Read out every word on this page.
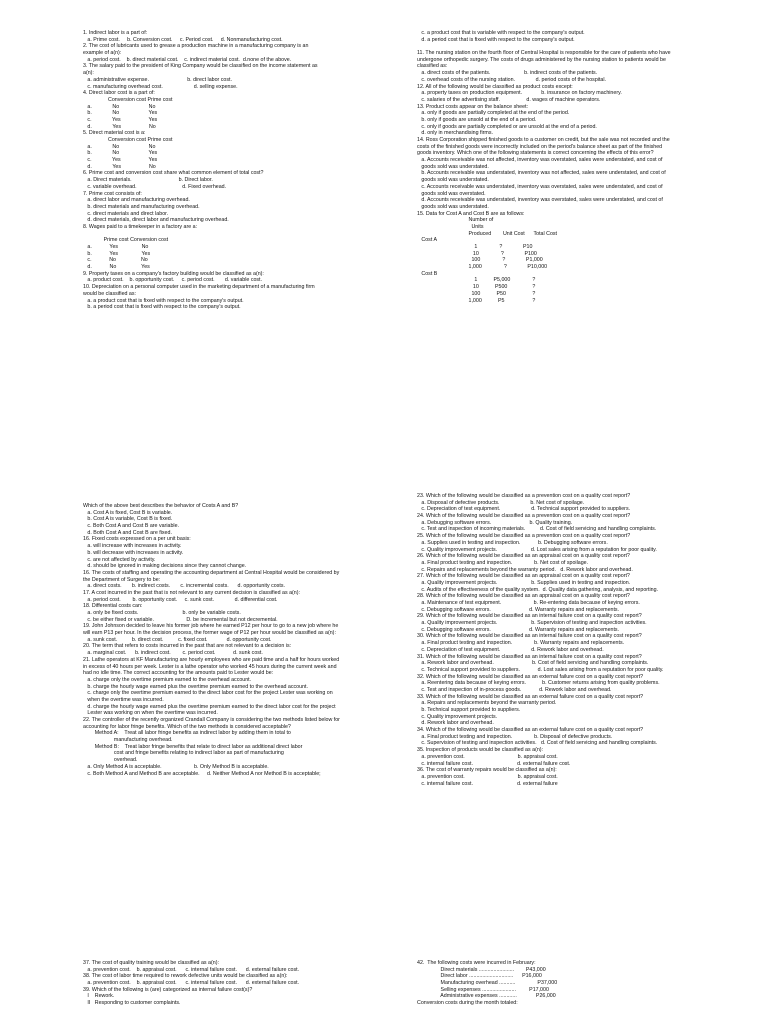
1. Indirect labor is a part of:
a. Prime cost.     b. Conversion cost.     c. Period cost.     d. Nonmanufacturing cost.
2. The cost of lubricants used to grease a production machine in a manufacturing company is an
example of a(n):
a. period cost.    b. direct material cost.    c. indirect material cost.  d.none of the above.
3. The salary paid to the president of King Company would be classified on the income statement as
a(n):
a. administrative expense.                          b. direct labor cost.
c. manufacturing overhead cost.                     d. selling expense.
4. Direct labor cost is a part of:
Conversion cost Prime cost
a.              No                    No
b.              No                    Yes
c.              Yes                   Yes
d.              Yes                   No
5. Direct material cost is a:
Conversion cost Prime cost
a.              No                    No
b.              No                    Yes
c.              Yes                   Yes
d.              Yes                   No
6. Prime cost and conversion cost share what common element of total cost?
a. Direct materials.                                b. Direct labor.
c. variable overhead.                               d. Fixed overhead.
7. Prime cost consists of:
a. direct labor and manufacturing overhead.
b. direct materials and manufacturing overhead.
c. direct materials and direct labor.
d. direct materials, direct labor and manufacturing overhead.
8. Wages paid to a timekeeper in a factory are a:
Prime cost Conversion cost
a.            Yes                No
b.            Yes                Yes
c.            No                 No
d.            No                 Yes
9. Property taxes on a company's factory building would be classified as a(n):
a. product cost.    b. opportunity cost.     c. period cost.       d. variable cost.
10. Depreciation on a personal computer used in the marketing department of a manufacturing firm
would be classified as:
a. a product cost that is fixed with respect to the company's output.
b. a period cost that is fixed with respect to the company's output.
c. a product cost that is variable with respect to the company's output.
d. a period cost that is fixed with respect to the company's output.
11. The nursing station on the fourth floor of Central Hospital is responsible for the care of patients who have
undergone orthopedic surgery. The costs of drugs administered by the nursing station to patients would be
classified as:
a. direct costs of the patients.                       b. indirect costs of the patients.
c. overhead costs of the nursing station.              d. period costs of the hospital.
12. All of the following would be classified as product costs except:
a. property taxes on production equipment.             b. insurance on factory machinery.
c. salaries of the advertising staff.                  d. wages of machine operators.
13. Product costs appear on the balance sheet:
a. only if goods are partially completed at the end of the period.
b. only if goods are unsold at the end of a period.
c. only if goods are partially completed or are unsold at the end of a period.
d. only in merchandising firms.
14. Ross Corporation shipped finished goods to a customer on credit, but the sale was not recorded and the
costs of the finished goods were incorrectly included on the period's balance sheet as part of the finished
goods inventory. Which one of the following statements is correct concerning the effects of this error?
a. Accounts receivable was not affected, inventory was overstated, sales were understated, and cost of
goods sold was understated.
b. Accounts receivable was understated, inventory was not affected, sales were understated, and cost of
goods sold was understated.
c. Accounts receivable was understated, inventory was overstated, sales were understated, and cost of
goods sold was overstated.
d. Accounts receivable was understated, inventory was overstated, sales were understated, and cost of
goods sold was understated.
15. Data for Cost A and Cost B are as follows:
Number of
Units
Produced        Unit Cost      Total Cost
Cost A
1               ?              P10
10               ?              P100
100               ?              P1,000
1,000               ?              P10,000
Cost B
1           P5,000               ?
10           P500                 ?
100           P50                  ?
1,000           P5                   ?
Which of the above best describes the behavior of Costs A and B?
a. Cost A is fixed, Cost B is variable.
b. Cost A is variable, Cost B is fixed.
c. Both Cost A and Cost B are variable.
d. Both Cost A and Cost B are fixed.
16. Fixed costs expressed on a per unit basis:
a. will increase with increases in activity.
b. will decrease with increases in activity.
c. are not affected by activity.
d. should be ignored in making decisions since they cannot change.
16. The costs of staffing and operating the accounting department at Central Hospital would be considered by
the Department of Surgery to be:
a. direct costs.       b. indirect costs.       c. incremental costs.      d. opportunity costs.
17. A cost incurred in the past that is not relevant to any current decision is classified as a(n):
a. period cost.        b. opportunity cost.     c. sunk cost.              d. differential cost.
18. Differential costs can:
a. only be fixed costs.                              b. only be variable costs.
c. be either fixed or variable.                      D. be incremental but not decremental.
19. John Johnson decided to leave his former job where he earned P12 per hour to go to a new job where he
will earn P13 per hour. In the decision process, the former wage of P12 per hour would be classified as a(n):
a. sunk cost.          b. direct cost.          c. fixed cost.             d. opportunity cost.
20. The term that refers to costs incurred in the past that are not relevant to a decision is:
a. marginal cost.      b. indirect cost.        c. period cost.            d. sunk cost.
21. Lathe operators at KF Manufacturing are hourly employees who are paid time and a half for hours worked
in excess of 40 hours per week. Lester is a lathe operator who worked 45 hours during the current week and
had no idle time. The correct accounting for the amounts paid to Lester would be:
a. charge only the overtime premium earned to the overhead account.
b. charge the hourly wage earned plus the overtime premium earned to the overhead account.
c. charge only the overtime premium earned to the direct labor cost for the project Lester was working on
when the overtime was incurred.
d. charge the hourly wage earned plus the overtime premium earned to the direct labor cost for the project
Lester was working on when the overtime was incurred.
22. The controller of the recently organized Crandall Company is considering the two methods listed below for
accounting for labor fringe benefits. Which of the two methods is considered acceptable?
Method A:    Treat all labor fringe benefits as indirect labor by adding them in total to
manufacturing overhead.
Method B:    Treat labor fringe benefits that relate to direct labor as additional direct labor
cost and fringe benefits relating to indirect labor as part of manufacturing
overhead.
a. Only Method A is acceptable.                      b. Only Method B is acceptable.
c. Both Method A and Method B are acceptable.     d. Neither Method A nor Method B is acceptable;
23. Which of the following would be classified as a prevention cost on a quality cost report?
a. Disposal of defective products.                     b. Net cost of spoilage.
c. Depreciation of test equipment.                     d. Technical support provided to suppliers.
24. Which of the following would be classified as a prevention cost on a quality cost report?
a. Debugging software errors.                          b. Quality training.
c. Test and inspection of incoming materials.          d. Cost of field servicing and handling complaints.
25. Which of the following would be classified as a prevention cost on a quality cost report?
a. Supplies used in testing and inspection.            b. Debugging software errors.
c. Quality improvement projects.                       d. Lost sales arising from a reputation for poor quality.
26. Which of the following would be classified as an appraisal cost on a quality cost report?
a. Final product testing and inspection.               b. Net cost of spoilage.
c. Repairs and replacements beyond the warranty period.   d. Rework labor and overhead.
27. Which of the following would be classified as an appraisal cost on a quality cost report?
a. Quality improvement projects.                       b. Supplies used in testing and inspection.
c. Audits of the effectiveness of the quality system.  d. Quality data gathering, analysis, and reporting.
28. Which of the following would be classified as an appraisal cost on a quality cost report?
a. Maintenance of test equipment.                      b. Re-entering data because of keying errors.
c. Debugging software errors.                          d. Warranty repairs and replacements.
29. Which of the following would be classified as an internal failure cost on a quality cost report?
a. Quality improvement projects.                       b. Supervision of testing and inspection activities.
c. Debugging software errors.                          d. Warranty repairs and replacements.
30. Which of the following would be classified as an internal failure cost on a quality cost report?
a. Final product testing and inspection.               b. Warranty repairs and replacements.
c. Depreciation of test equipment.                     d. Rework labor and overhead.
31. Which of the following would be classified as an internal failure cost on a quality cost report?
a. Rework labor and overhead.                          b. Cost of field servicing and handling complaints.
c. Technical support provided to suppliers.            d. Lost sales arising from a reputation for poor quality.
32. Which of the following would be classified as an external failure cost on a quality cost report?
a. Reentering data because of keying errors.           b. Customer returns arising from quality problems.
c. Test and inspection of in-process goods.            d. Rework labor and overhead.
33. Which of the following would be classified as an external failure cost on a quality cost report?
a. Repairs and replacements beyond the warranty period.
b. Technical support provided to suppliers.
c. Quality improvement projects.
d. Rework labor and overhead.
34. Which of the following would be classified as an external failure cost on a quality cost report?
a. Final product testing and inspection.               b. Disposal of defective products.
c. Supervision of testing and inspection activities.   d. Cost of field servicing and handling complaints.
35. Inspection of products would be classified as a(n):
a. prevention cost.                                    b. appraisal cost.
c. internal failure cost.                              d. external failure cost.
36. The cost of warranty repairs would be classified as a(n):
a. prevention cost.                                    b. appraisal cost.
c. internal failure cost.                              d. external failure
37. The cost of quality training would be classified as a(n):
a. prevention cost.    b. appraisal cost.      c. internal failure cost.      d. external failure cost.
38. The cost of labor time required to rework defective units would be classified as a(n):
a. prevention cost.    b. appraisal cost.      c. internal failure cost.      d. external failure cost.
39. Which of the following is (are) categorized as internal failure cost(s)?
I    Rework.
II   Responding to customer complaints.
42.  The following costs were incurred in February:
Direct materials ........................        P43,000
Direct labor ..............................      P16,000
Manufacturing overhead ...........               P37,000
Selling expenses .......................         P17,000
Administrative expenses ............             P26,000
Conversion costs during the month totaled:
